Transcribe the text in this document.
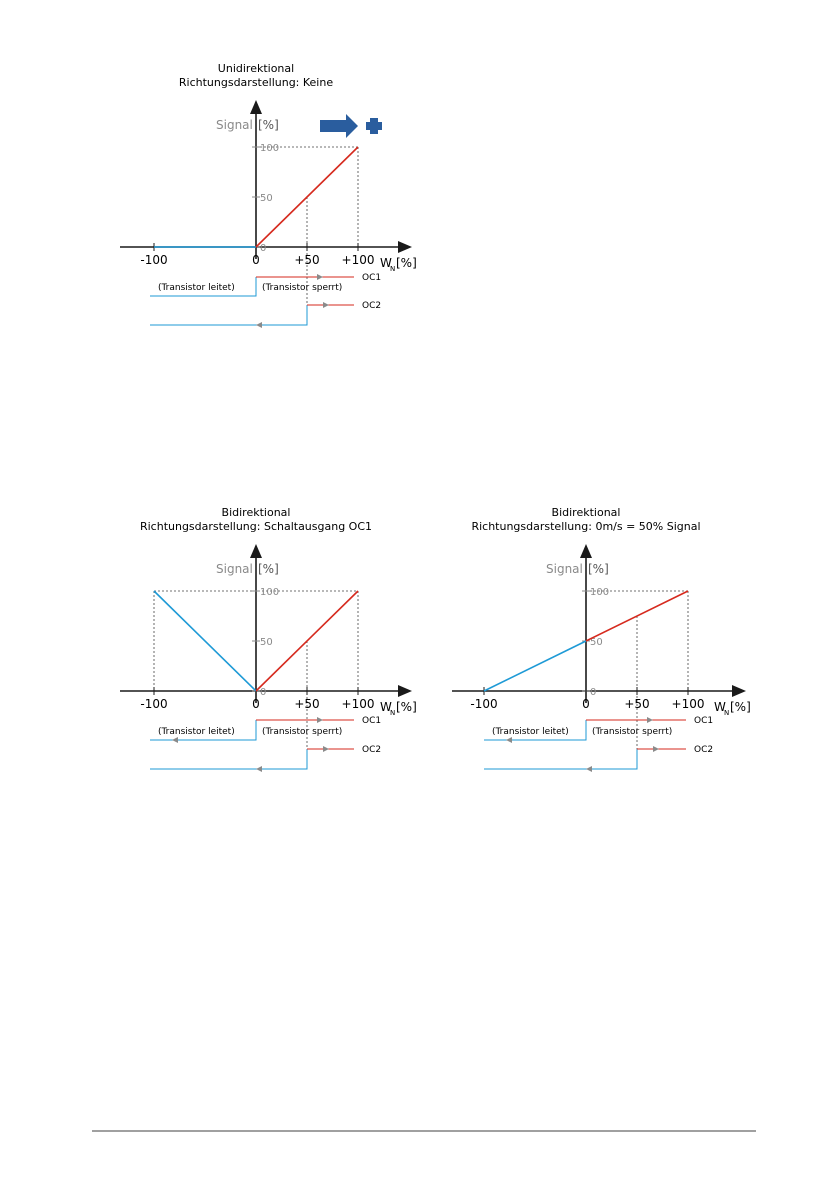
Unidirektional
Richtungsdarstellung: Keine
Signal [%]
0
50
100
-100	0	+50 +100 W
N [%]
OC1
(Transistor leitet)	(Transistor sperrt)
OC2
Bidirektional
Richtungsdarstellung: Schaltausgang OC1
Signal [%]
0
50
100
-100	0	+50 +100 W
N [%]
OC1
(Transistor leitet)	(Transistor sperrt)
OC2
Bidirektional
Richtungsdarstellung: 0m/s = 50% Signal
Signal [%]
0
50
100
-100	0	+50 +100 W
N [%]
OC1
(Transistor leitet)	(Transistor sperrt)
OC2
